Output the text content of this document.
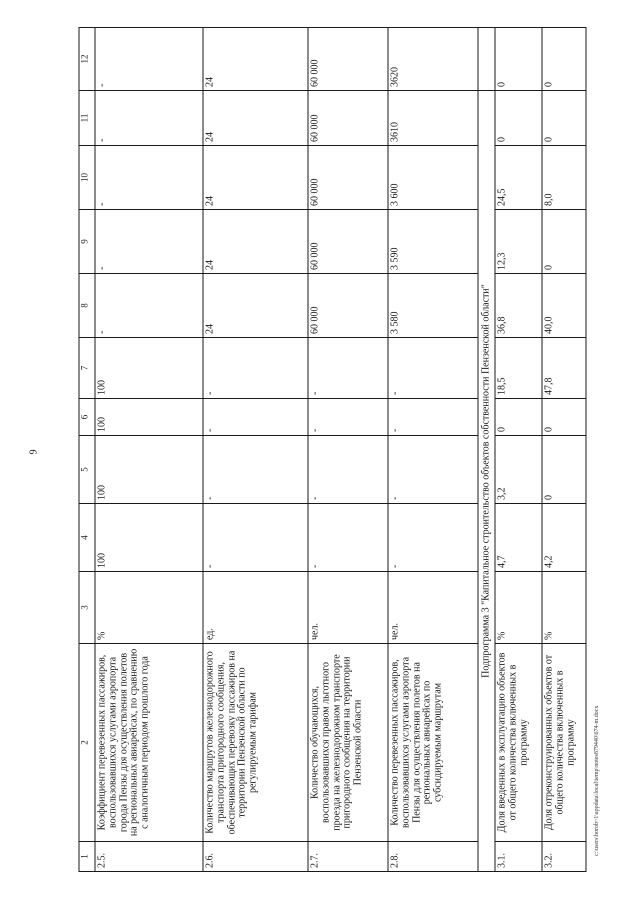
9
1	2	3	4	5	6	7	8	9	10	11	12
2.5.	Коэффициент перевезенных пассажиров, воспользовавшихся услугами аэропорта города Пензы для осуществления полетов на региональных авиарейсах, по сравнению с аналогичным периодом прошлого года	%	100	100	100	100	-	-	-	-	-
2.6.	Количество маршрутов железнодорожного транспорта пригородного сообщения, обеспечивающих перевозку пассажиров на территории Пензенской области по регулируемым тарифам	ед.	-	-	-	-	24	24	24	24	24
2.7.	Количество обучающихся, воспользовавшихся правом льготного проезда на железнодорожном транспорте пригородного сообщения на территории Пензенской области	чел.	-	-	-	-	60 000	60 000	60 000	60 000	60 000
2.8.	Количество перевезенных пассажиров, воспользовавшихся услугами аэропорта Пензы для осуществления полетов на региональных авиарейсах по субсидируемым маршрутам	чел.	-	-	-	-	3 580	3 590	3 600	3610	3620
Подпрограмма 3 "Капитальное строительство объектов собственности Пензенской области"											
3.1.	Доля введенных в эксплуатацию объектов от общего количества включенных в программу	%	4,7	3,2	0	18,5	36,8	12,3	24,5	0	0
3.2.	Доля отреконструированных объектов от общего количества включенных в программу	%	4,2	0	0	47,8	40,0	0	8,0	0	0
c:\users\borob~1\appdata\local\temp\notes879440\674-m.docx
